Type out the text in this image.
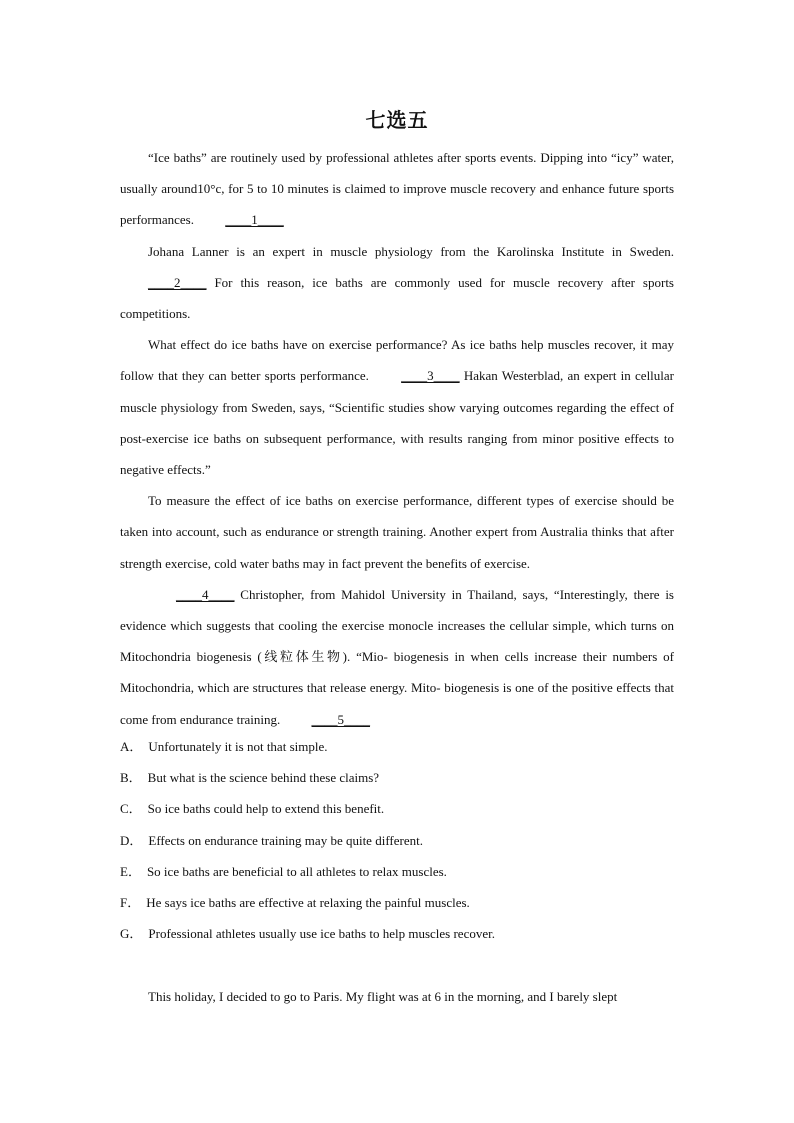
七选五

“Ice baths” are routinely used by professional athletes after sports events. Dipping into “icy” water, usually around10°c, for 5 to 10 minutes is claimed to improve muscle recovery and enhance future sports performances. ____1____

Johana Lanner is an expert in muscle physiology from the Karolinska Institute in Sweden. ____2____ For this reason, ice baths are commonly used for muscle recovery after sports competitions.

What effect do ice baths have on exercise performance? As ice baths help muscles recover, it may follow that they can better sports performance. ____3____ Hakan Westerblad, an expert in cellular muscle physiology from Sweden, says, “Scientific studies show varying outcomes regarding the effect of post-exercise ice baths on subsequent performance, with results ranging from minor positive effects to negative effects.”

To measure the effect of ice baths on exercise performance, different types of exercise should be taken into account, such as endurance or strength training. Another expert from Australia thinks that after strength exercise, cold water baths may in fact prevent the benefits of exercise.

____4____ Christopher, from Mahidol University in Thailand, says, “Interestingly, there is evidence which suggests that cooling the exercise monocle increases the cellular simple, which turns on Mitochondria biogenesis (线粒体生物). “Mio- biogenesis in when cells increase their numbers of Mitochondria, which are structures that release energy. Mito- biogenesis is one of the positive effects that come from endurance training. ____5____

A． Unfortunately it is not that simple.

B． But what is the science behind these claims?

C． So ice baths could help to extend this benefit.

D． Effects on endurance training may be quite different.

E． So ice baths are beneficial to all athletes to relax muscles.

F． He says ice baths are effective at relaxing the painful muscles.

G． Professional athletes usually use ice baths to help muscles recover.

This holiday, I decided to go to Paris. My flight was at 6 in the morning, and I barely slept
